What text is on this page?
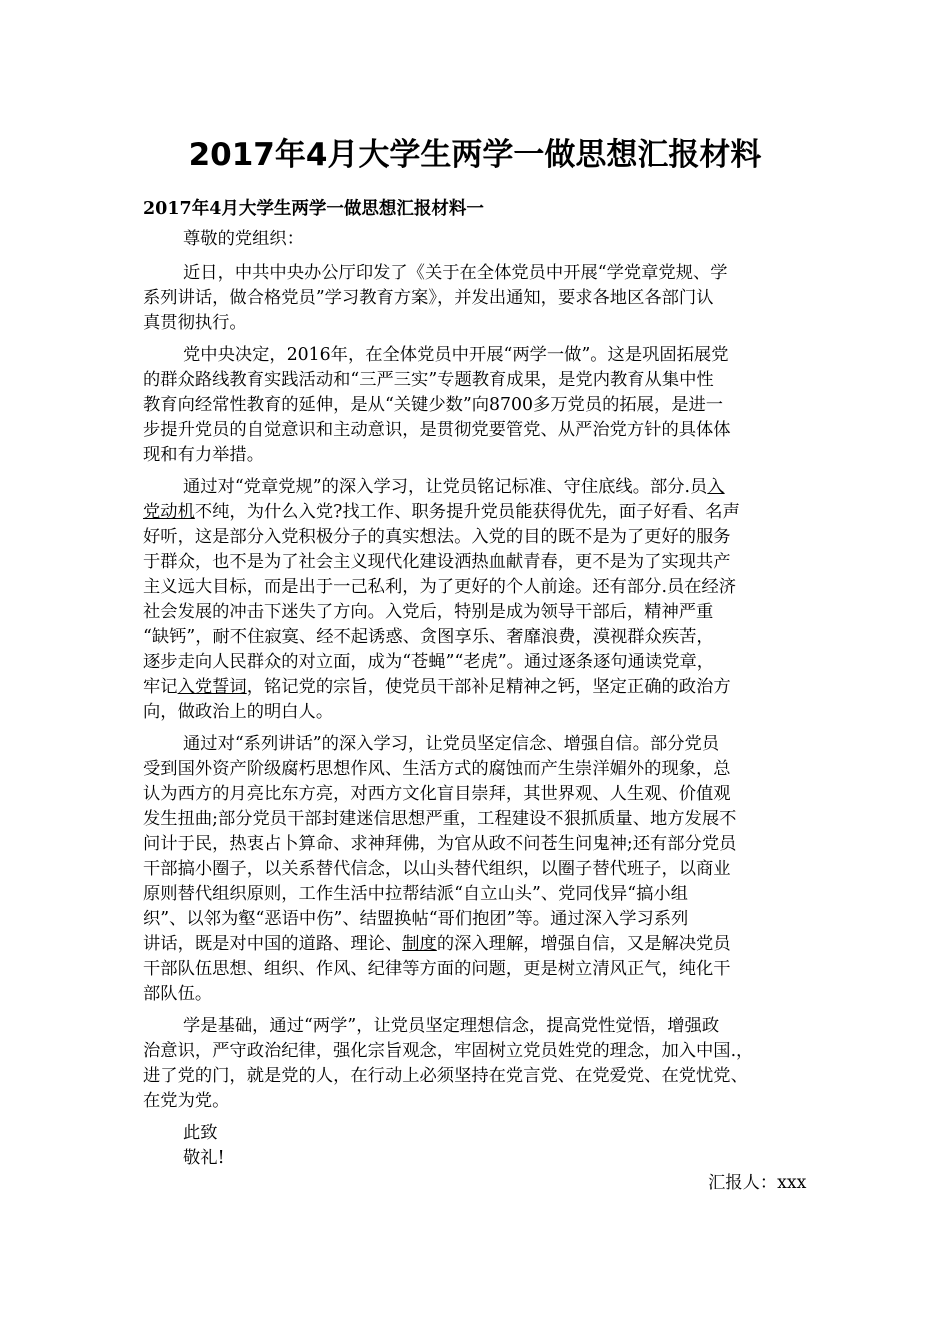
2017年4月大学生两学一做思想汇报材料
2017年4月大学生两学一做思想汇报材料一
尊敬的党组织：
近日，中共中央办公厅印发了《关于在全体党员中开展“学党章党规、学
系列讲话，做合格党员”学习教育方案》，并发出通知，要求各地区各部门认
真贯彻执行。
党中央决定，2016年，在全体党员中开展“两学一做”。这是巩固拓展党
的群众路线教育实践活动和“三严三实”专题教育成果，是党内教育从集中性
教育向经常性教育的延伸，是从“关键少数”向8700多万党员的拓展，是进一
步提升党员的自觉意识和主动意识，是贯彻党要管党、从严治党方针的具体体
现和有力举措。
通过对“党章党规”的深入学习，让党员铭记标准、守住底线。部分.员入
党动机不纯，为什么入党?找工作、职务提升党员能获得优先，面子好看、名声
好听，这是部分入党积极分子的真实想法。入党的目的既不是为了更好的服务
于群众，也不是为了社会主义现代化建设洒热血献青春，更不是为了实现共产
主义远大目标，而是出于一己私利，为了更好的个人前途。还有部分.员在经济
社会发展的冲击下迷失了方向。入党后，特别是成为领导干部后，精神严重
“缺钙”，耐不住寂寞、经不起诱惑、贪图享乐、奢靡浪费，漠视群众疾苦，
逐步走向人民群众的对立面，成为“苍蝇”“老虎”。通过逐条逐句通读党章，
牢记入党誓词，铭记党的宗旨，使党员干部补足精神之钙，坚定正确的政治方
向，做政治上的明白人。
通过对“系列讲话”的深入学习，让党员坚定信念、增强自信。部分党员
受到国外资产阶级腐朽思想作风、生活方式的腐蚀而产生崇洋媚外的现象，总
认为西方的月亮比东方亮，对西方文化盲目崇拜，其世界观、人生观、价值观
发生扭曲;部分党员干部封建迷信思想严重，工程建设不狠抓质量、地方发展不
问计于民，热衷占卜算命、求神拜佛，为官从政不问苍生问鬼神;还有部分党员
干部搞小圈子，以关系替代信念，以山头替代组织，以圈子替代班子，以商业
原则替代组织原则，工作生活中拉帮结派“自立山头”、党同伐异“搞小组
织”、以邻为壑“恶语中伤”、结盟换帖“哥们抱团”等。通过深入学习系列
讲话，既是对中国的道路、理论、制度的深入理解，增强自信，又是解决党员
干部队伍思想、组织、作风、纪律等方面的问题，更是树立清风正气，纯化干
部队伍。
学是基础，通过“两学”，让党员坚定理想信念，提高党性觉悟，增强政
治意识，严守政治纪律，强化宗旨观念，牢固树立党员姓党的理念，加入中国.，
进了党的门，就是党的人，在行动上必须坚持在党言党、在党爱党、在党忧党、
在党为党。
此致
敬礼!
汇报人：xxx
